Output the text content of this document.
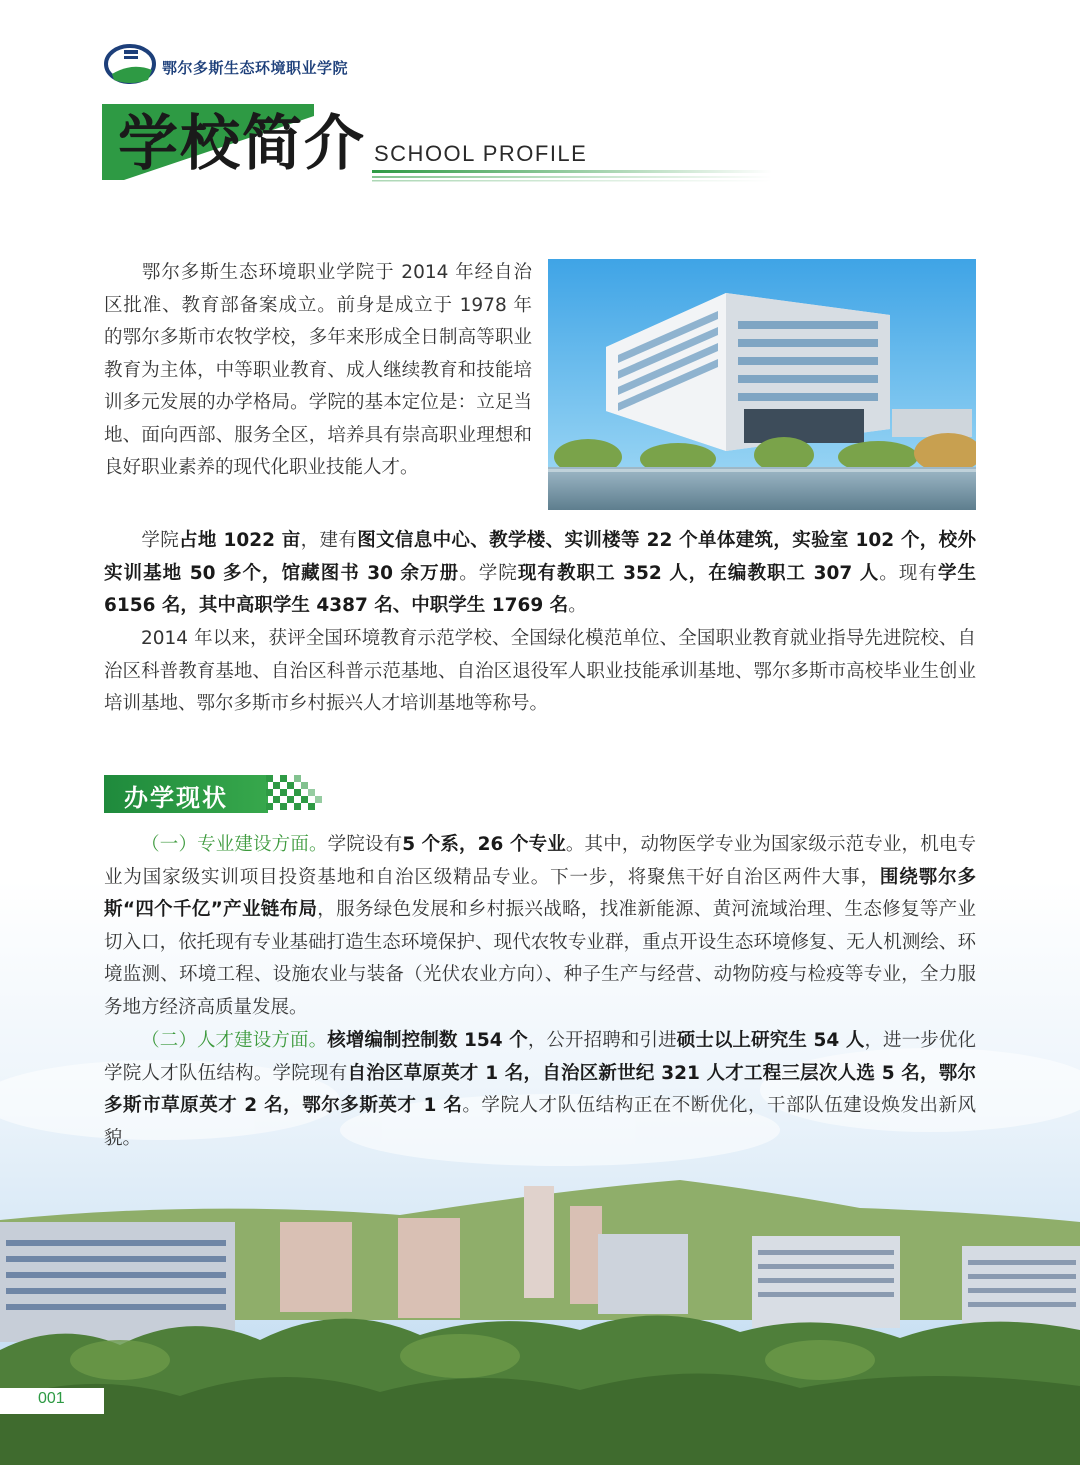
鄂尔多斯生态环境职业学院
学校简介 SCHOOL PROFILE

鄂尔多斯生态环境职业学院于 2014 年经自治区批准、教育部备案成立。前身是成立于 1978 年的鄂尔多斯市农牧学校，多年来形成全日制高等职业教育为主体，中等职业教育、成人继续教育和技能培训多元发展的办学格局。学院的基本定位是：立足当地、面向西部、服务全区，培养具有崇高职业理想和良好职业素养的现代化职业技能人才。

学院占地 1022 亩，建有图文信息中心、教学楼、实训楼等 22 个单体建筑，实验室 102 个，校外实训基地 50 多个，馆藏图书 30 余万册。学院现有教职工 352 人，在编教职工 307 人。现有学生 6156 名，其中高职学生 4387 名、中职学生 1769 名。

2014 年以来，获评全国环境教育示范学校、全国绿化模范单位、全国职业教育就业指导先进院校、自治区科普教育基地、自治区科普示范基地、自治区退役军人职业技能承训基地、鄂尔多斯市高校毕业生创业培训基地、鄂尔多斯市乡村振兴人才培训基地等称号。

办学现状

（一）专业建设方面。学院设有5 个系，26 个专业。其中，动物医学专业为国家级示范专业，机电专业为国家级实训项目投资基地和自治区级精品专业。下一步，将聚焦干好自治区两件大事，围绕鄂尔多斯“四个千亿”产业链布局，服务绿色发展和乡村振兴战略，找准新能源、黄河流域治理、生态修复等产业切入口，依托现有专业基础打造生态环境保护、现代农牧专业群，重点开设生态环境修复、无人机测绘、环境监测、环境工程、设施农业与装备（光伏农业方向）、种子生产与经营、动物防疫与检疫等专业，全力服务地方经济高质量发展。

（二）人才建设方面。核增编制控制数 154 个，公开招聘和引进硕士以上研究生 54 人，进一步优化学院人才队伍结构。学院现有自治区草原英才 1 名，自治区新世纪 321 人才工程三层次人选 5 名，鄂尔多斯市草原英才 2 名，鄂尔多斯英才 1 名。学院人才队伍结构正在不断优化，干部队伍建设焕发出新风貌。

001
